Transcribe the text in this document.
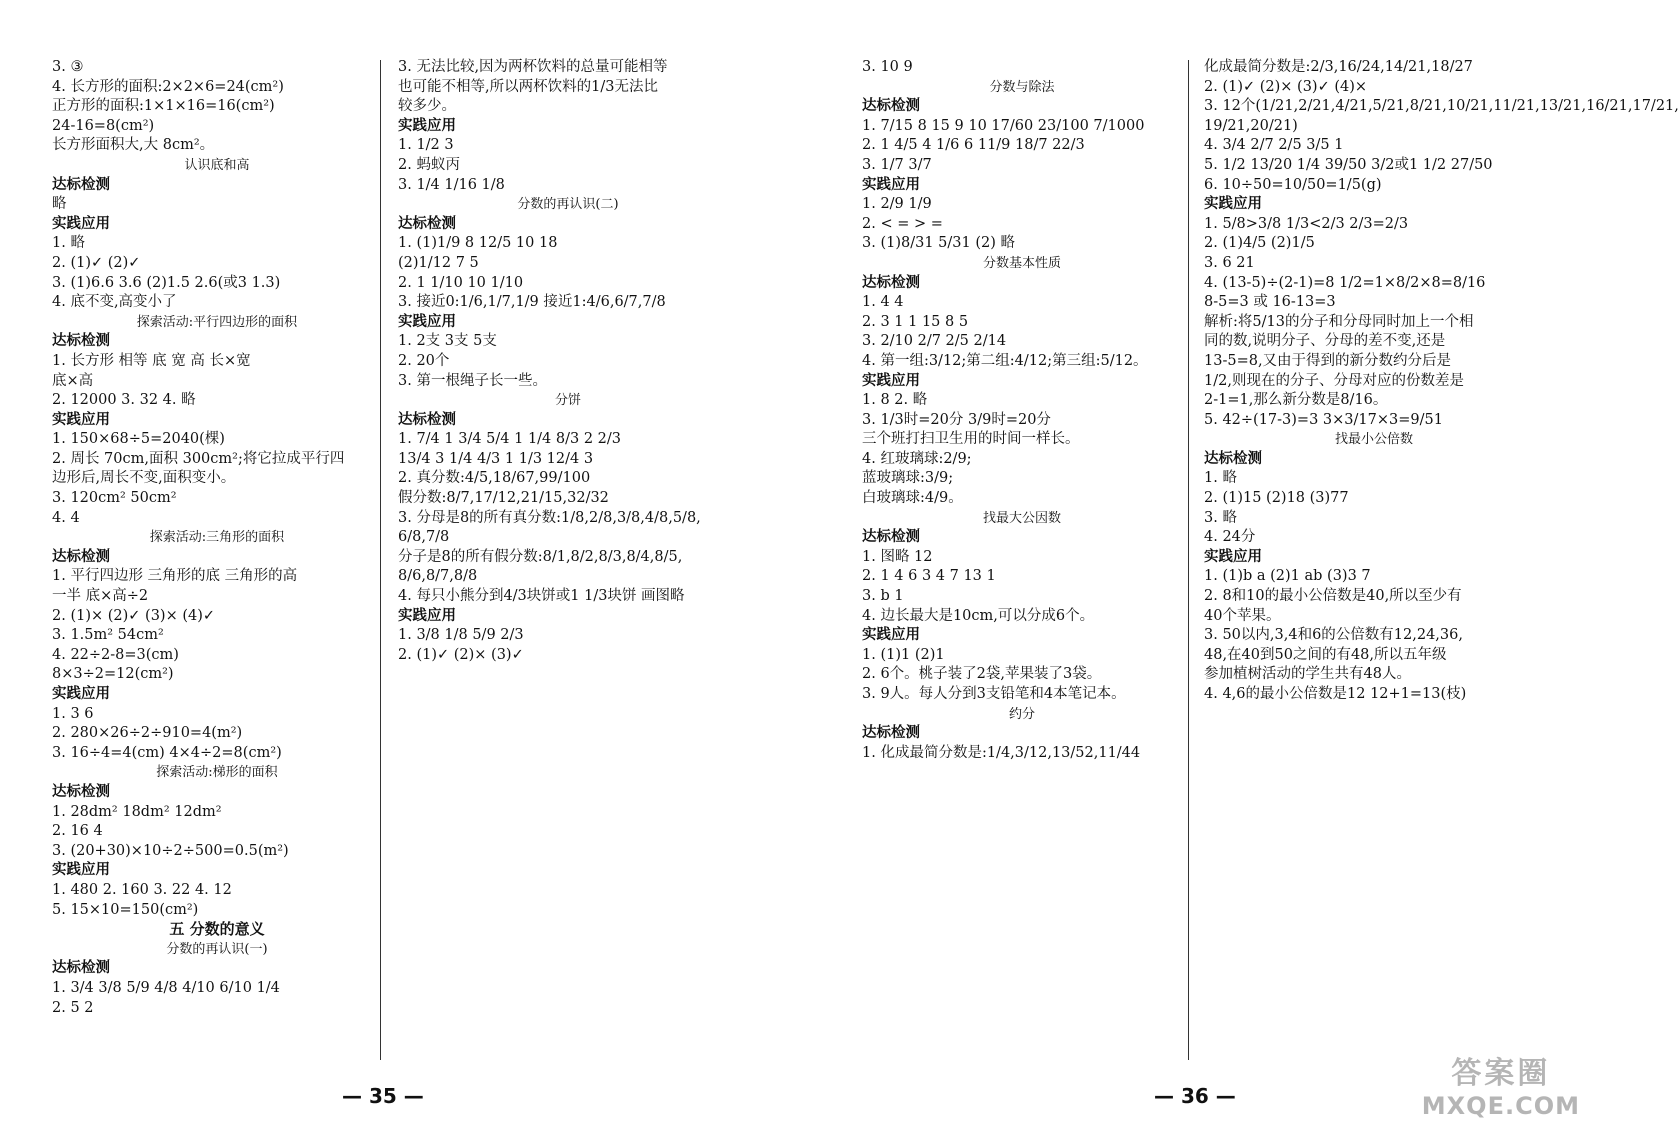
3. ③
4. 长方形的面积:2×2×6=24(cm²)
正方形的面积:1×1×16=16(cm²)
24-16=8(cm²)
长方形面积大,大 8cm²。
认识底和高
达标检测
略
实践应用
1. 略
2. (1)✓ (2)✓
3. (1)6.6 3.6 (2)1.5 2.6(或3 1.3)
4. 底不变,高变小了
探索活动:平行四边形的面积
达标检测
1. 长方形 相等 底 宽 高 长×宽
底×高
2. 12000 3. 32 4. 略
实践应用
1. 150×68÷5=2040(棵)
2. 周长 70cm,面积 300cm²;将它拉成平行四
边形后,周长不变,面积变小。
3. 120cm² 50cm²
4. 4
探索活动:三角形的面积
达标检测
1. 平行四边形 三角形的底 三角形的高
一半 底×高÷2
2. (1)× (2)✓ (3)× (4)✓
3. 1.5m² 54cm²
4. 22÷2-8=3(cm)
8×3÷2=12(cm²)
实践应用
1. 3 6
2. 280×26÷2÷910=4(m²)
3. 16÷4=4(cm) 4×4÷2=8(cm²)
探索活动:梯形的面积
达标检测
1. 28dm² 18dm² 12dm²
2. 16 4
3. (20+30)×10÷2÷500=0.5(m²)
实践应用
1. 480 2. 160 3. 22 4. 12
5. 15×10=150(cm²)
五 分数的意义
分数的再认识(一)
达标检测
1. 3/4 3/8 5/9 4/8 4/10 6/10 1/4
2. 5 2
3. 无法比较,因为两杯饮料的总量可能相等
也可能不相等,所以两杯饮料的1/3无法比
较多少。
实践应用
1. 1/2 3
2. 蚂蚁丙
3. 1/4 1/16 1/8
分数的再认识(二)
达标检测
1. (1)1/9 8 12/5 10 18
(2)1/12 7 5
2. 1 1/10 10 1/10
3. 接近0:1/6,1/7,1/9 接近1:4/6,6/7,7/8
实践应用
1. 2支 3支 5支
2. 20个
3. 第一根绳子长一些。
分饼
达标检测
1. 7/4 1 3/4 5/4 1 1/4 8/3 2 2/3
13/4 3 1/4 4/3 1 1/3 12/4 3
2. 真分数:4/5,18/67,99/100
假分数:8/7,17/12,21/15,32/32
3. 分母是8的所有真分数:1/8,2/8,3/8,4/8,5/8,
6/8,7/8
分子是8的所有假分数:8/1,8/2,8/3,8/4,8/5,
8/6,8/7,8/8
4. 每只小熊分到4/3块饼或1 1/3块饼 画图略
实践应用
1. 3/8 1/8 5/9 2/3
2. (1)✓ (2)× (3)✓
— 35 —
3. 10 9
分数与除法
达标检测
1. 7/15 8 15 9 10 17/60 23/100 7/1000
2. 1 4/5 4 1/6 6 11/9 18/7 22/3
3. 1/7 3/7
实践应用
1. 2/9 1/9
2. < = > =
3. (1)8/31 5/31 (2) 略
分数基本性质
达标检测
1. 4 4
2. 3 1 1 15 8 5
3. 2/10 2/7 2/5 2/14
4. 第一组:3/12;第二组:4/12;第三组:5/12。
实践应用
1. 8 2. 略
3. 1/3时=20分 3/9时=20分
三个班打扫卫生用的时间一样长。
4. 红玻璃球:2/9;
蓝玻璃球:3/9;
白玻璃球:4/9。
找最大公因数
达标检测
1. 图略 12
2. 1 4 6 3 4 7 13 1
3. b 1
4. 边长最大是10cm,可以分成6个。
实践应用
1. (1)1 (2)1
2. 6个。桃子装了2袋,苹果装了3袋。
3. 9人。每人分到3支铅笔和4本笔记本。
约分
达标检测
1. 化成最简分数是:1/4,3/12,13/52,11/44
化成最简分数是:2/3,16/24,14/21,18/27
2. (1)✓ (2)× (3)✓ (4)×
3. 12个(1/21,2/21,4/21,5/21,8/21,10/21,11/21,13/21,16/21,17/21,
19/21,20/21)
4. 3/4 2/7 2/5 3/5 1
5. 1/2 13/20 1/4 39/50 3/2或1 1/2 27/50
6. 10÷50=10/50=1/5(g)
实践应用
1. 5/8>3/8 1/3<2/3 2/3=2/3
2. (1)4/5 (2)1/5
3. 6 21
4. (13-5)÷(2-1)=8 1/2=1×8/2×8=8/16
8-5=3 或 16-13=3
解析:将5/13的分子和分母同时加上一个相
同的数,说明分子、分母的差不变,还是
13-5=8,又由于得到的新分数约分后是
1/2,则现在的分子、分母对应的份数差是
2-1=1,那么新分数是8/16。
5. 42÷(17-3)=3 3×3/17×3=9/51
找最小公倍数
达标检测
1. 略
2. (1)15 (2)18 (3)77
3. 略
4. 24分
实践应用
1. (1)b a (2)1 ab (3)3 7
2. 8和10的最小公倍数是40,所以至少有
40个苹果。
3. 50以内,3,4和6的公倍数有12,24,36,
48,在40到50之间的有48,所以五年级
参加植树活动的学生共有48人。
4. 4,6的最小公倍数是12 12+1=13(枝)
— 36 —
答案圈
MXQE.COM
